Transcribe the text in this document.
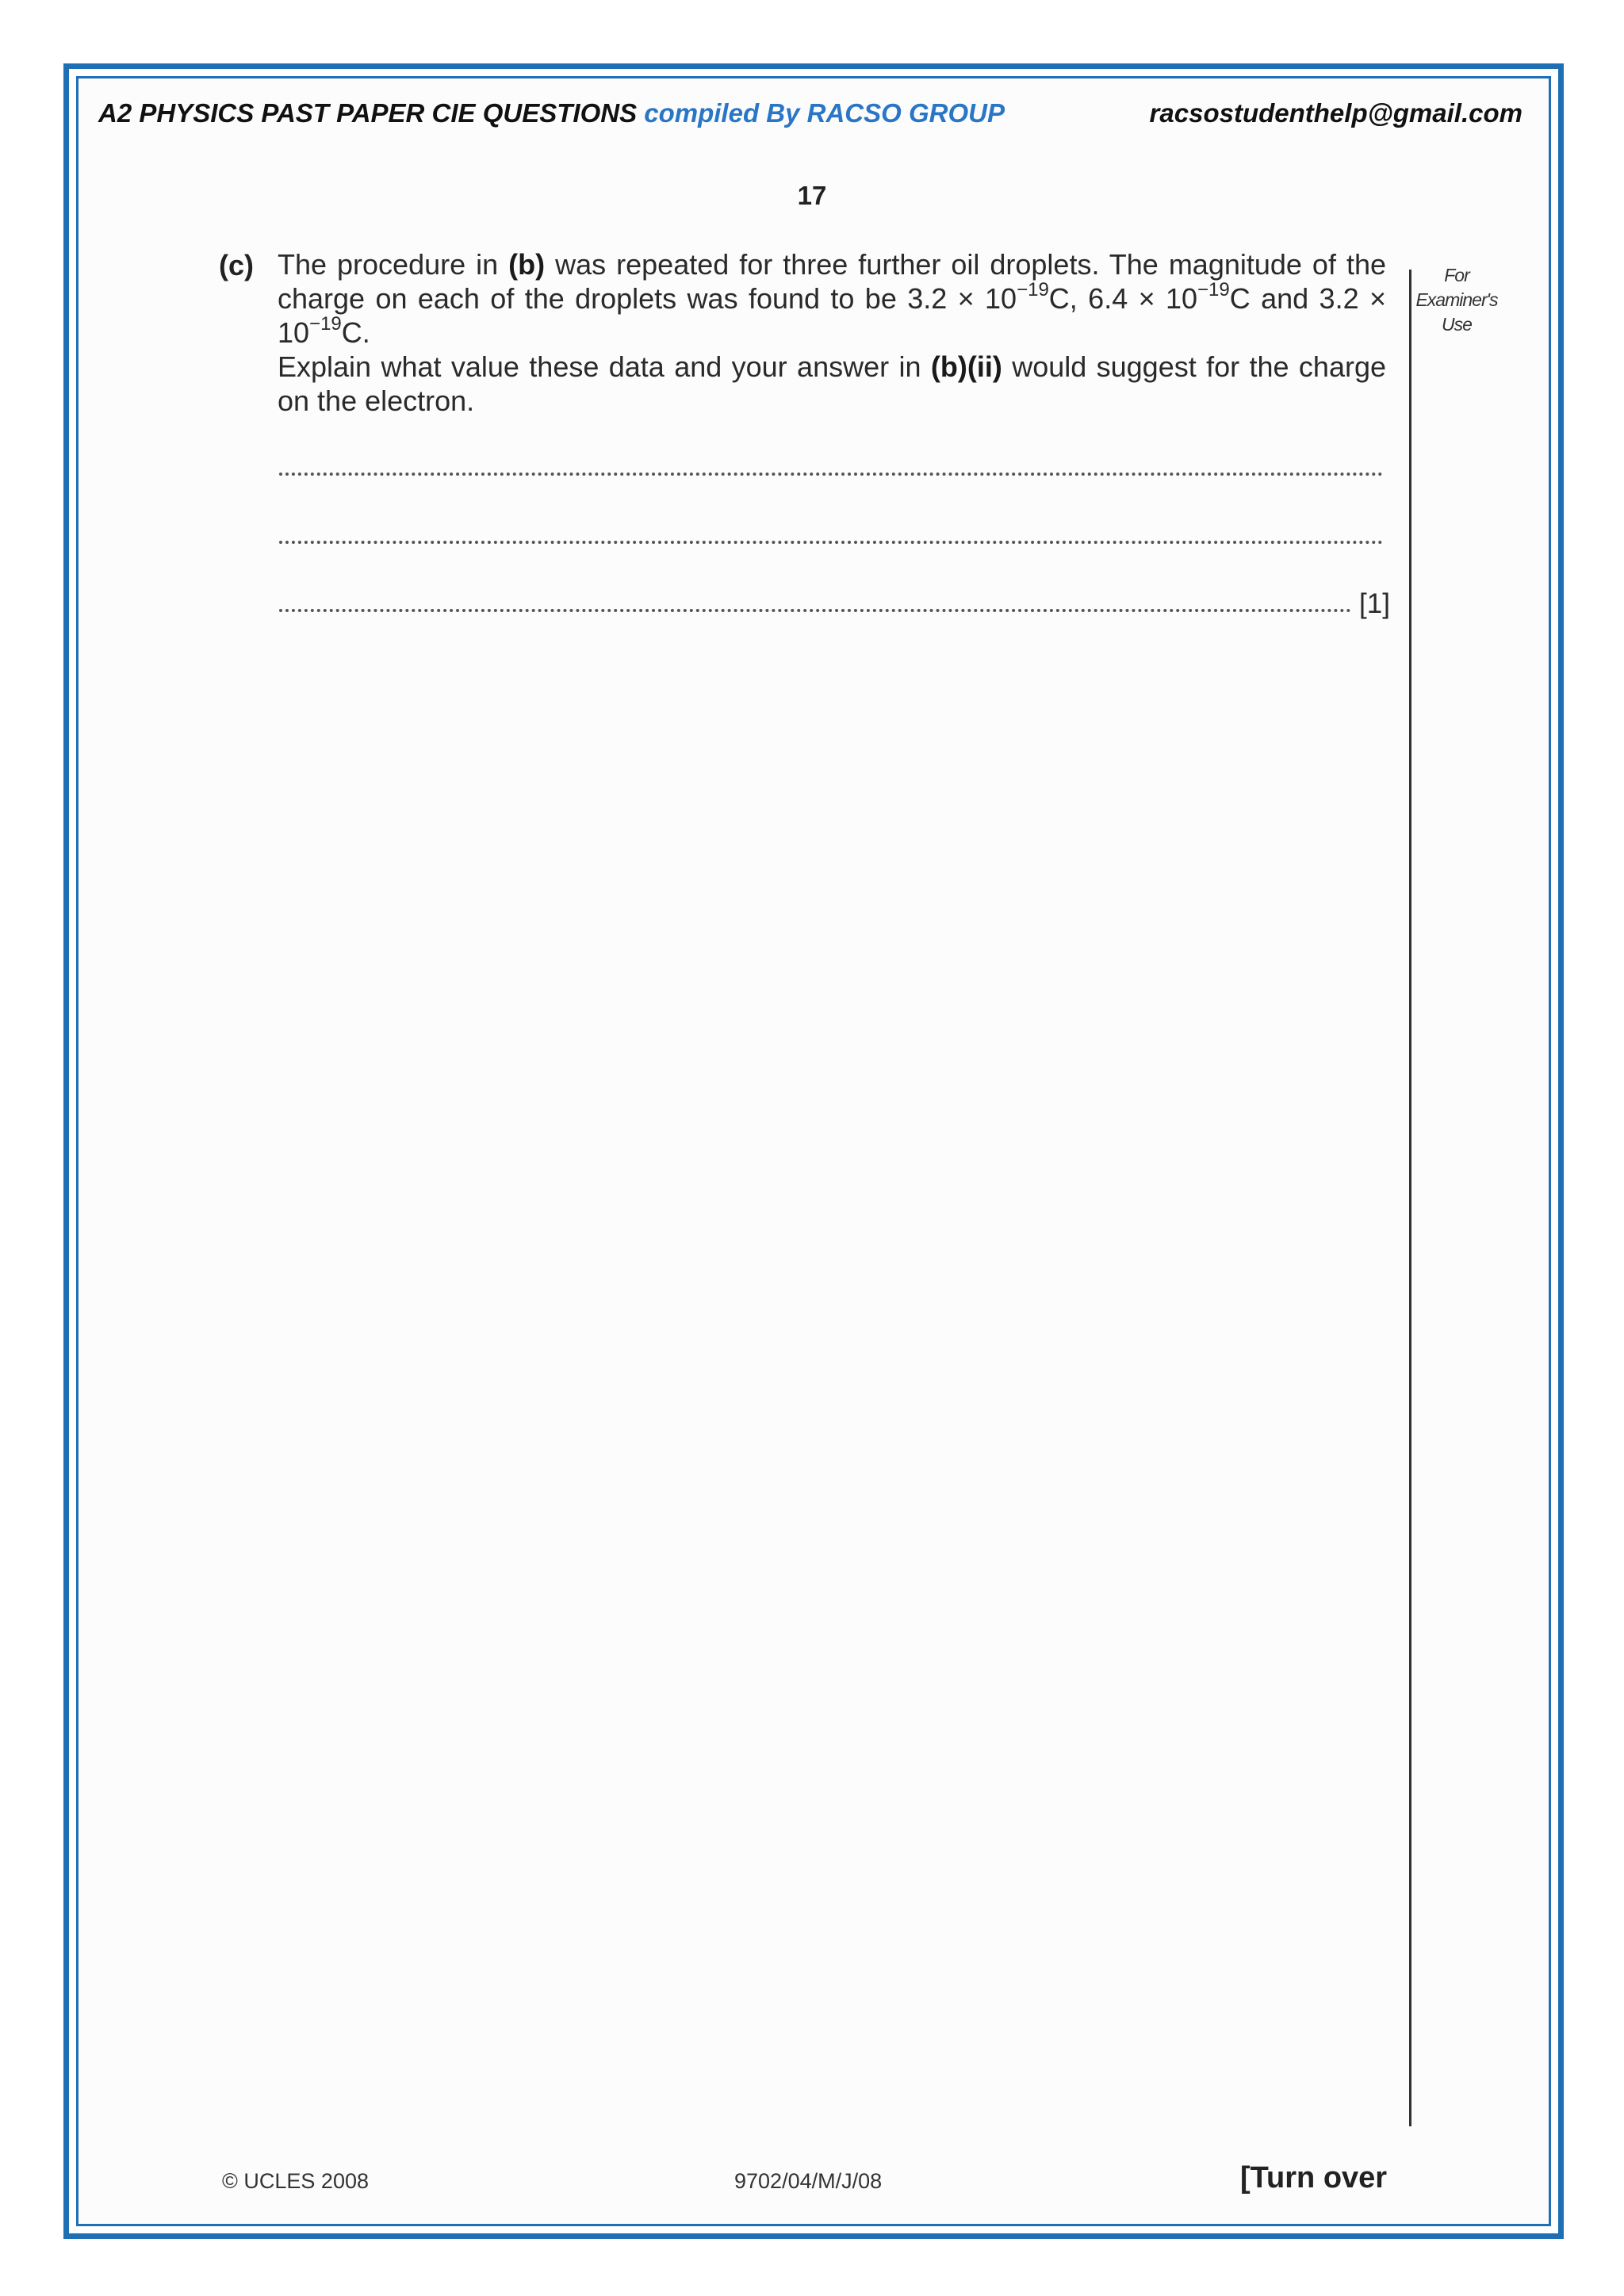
A2 PHYSICS PAST PAPER CIE QUESTIONS compiled By RACSO GROUP	racsostudenthelp@gmail.com
17
(c) The procedure in (b) was repeated for three further oil droplets. The magnitude of the charge on each of the droplets was found to be $3.2 \times 10^{-19}C$, $6.4 \times 10^{-19}C$ and $3.2 \times 10^{-19}C$.

Explain what value these data and your answer in (b)(ii) would suggest for the charge on the electron.

[1]
For
Examiner's
Use
© UCLES 2008	9702/04/M/J/08	[Turn over
